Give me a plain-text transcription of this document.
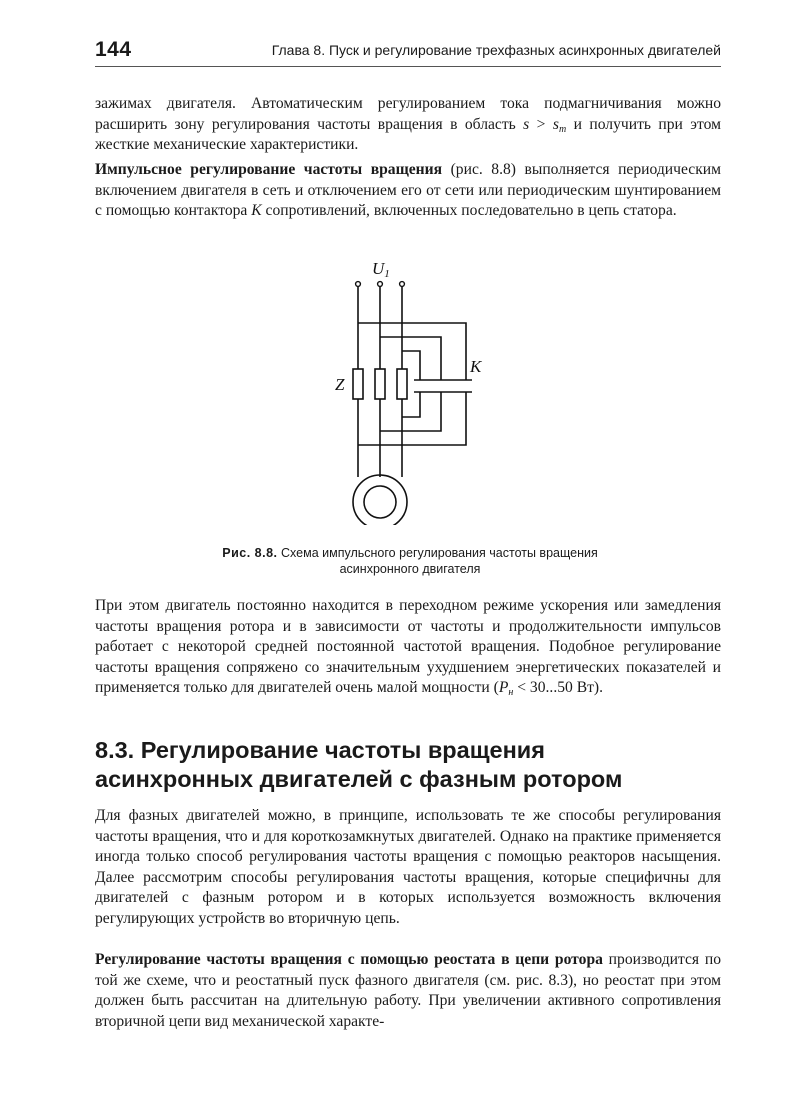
144	Глава 8. Пуск и регулирование трехфазных асинхронных двигателей
зажимах двигателя. Автоматическим регулированием тока подмагничивания можно расширить зону регулирования частоты вращения в область $s > s_m$ и получить при этом жесткие механические характеристики.
Импульсное регулирование частоты вращения (рис. 8.8) выполняется периодическим включением двигателя в сеть и отключением его от сети или периодическим шунтированием с помощью контактора K сопротивлений, включенных последовательно в цепь статора.
U1
Z
K
Рис. 8.8. Схема импульсного регулирования частоты вращения
асинхронного двигателя
При этом двигатель постоянно находится в переходном режиме ускорения или замедления частоты вращения ротора и в зависимости от частоты и продолжительности импульсов работает с некоторой средней постоянной частотой вращения. Подобное регулирование частоты вращения сопряжено со значительным ухудшением энергетических показателей и применяется только для двигателей очень малой мощности ($P_н < 30...50$ Вт).
8.3. Регулирование частоты вращения
асинхронных двигателей с фазным ротором
Для фазных двигателей можно, в принципе, использовать те же способы регулирования частоты вращения, что и для короткозамкнутых двигателей. Однако на практике применяется иногда только способ регулирования частоты вращения с помощью реакторов насыщения. Далее рассмотрим способы регулирования частоты вращения, которые специфичны для двигателей с фазным ротором и в которых используется возможность включения регулирующих устройств во вторичную цепь.
Регулирование частоты вращения с помощью реостата в цепи ротора производится по той же схеме, что и реостатный пуск фазного двигателя (см. рис. 8.3), но реостат при этом должен быть рассчитан на длительную работу. При увеличении активного сопротивления вторичной цепи вид механической характе-
